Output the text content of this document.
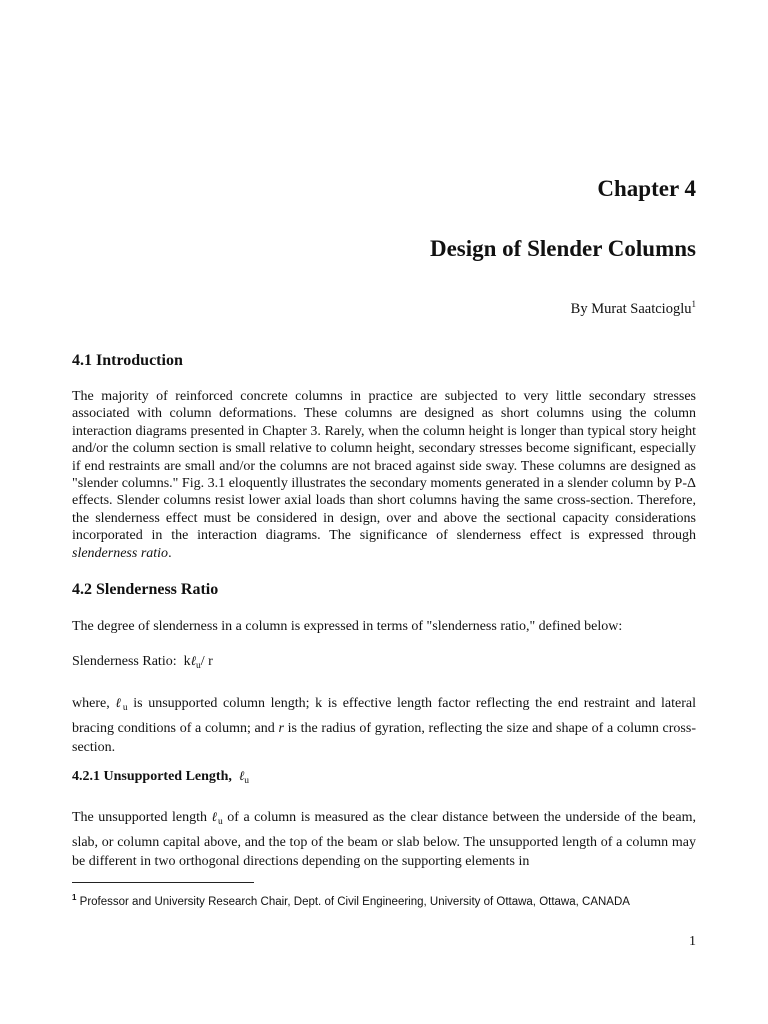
Chapter 4
Design of Slender Columns

By Murat Saatcioglu$^1$

4.1 Introduction

The majority of reinforced concrete columns in practice are subjected to very little secondary stresses associated with column deformations. These columns are designed as short columns using the column interaction diagrams presented in Chapter 3. Rarely, when the column height is longer than typical story height and/or the column section is small relative to column height, secondary stresses become significant, especially if end restraints are small and/or the columns are not braced against side sway. These columns are designed as "slender columns." Fig. 3.1 eloquently illustrates the secondary moments generated in a slender column by P-Δ effects. Slender columns resist lower axial loads than short columns having the same cross-section. Therefore, the slenderness effect must be considered in design, over and above the sectional capacity considerations incorporated in the interaction diagrams. The significance of slenderness effect is expressed through slenderness ratio.

4.2 Slenderness Ratio

The degree of slenderness in a column is expressed in terms of "slenderness ratio," defined below:

Slenderness Ratio: kℓ$_u$/ r

where, ℓ$_u$ is unsupported column length; k is effective length factor reflecting the end restraint and lateral bracing conditions of a column; and r is the radius of gyration, reflecting the size and shape of a column cross-section.

4.2.1 Unsupported Length, ℓ$_u$

The unsupported length ℓ$_u$ of a column is measured as the clear distance between the underside of the beam, slab, or column capital above, and the top of the beam or slab below. The unsupported length of a column may be different in two orthogonal directions depending on the supporting elements in

$^1$ Professor and University Research Chair, Dept. of Civil Engineering, University of Ottawa, Ottawa, CANADA

1
